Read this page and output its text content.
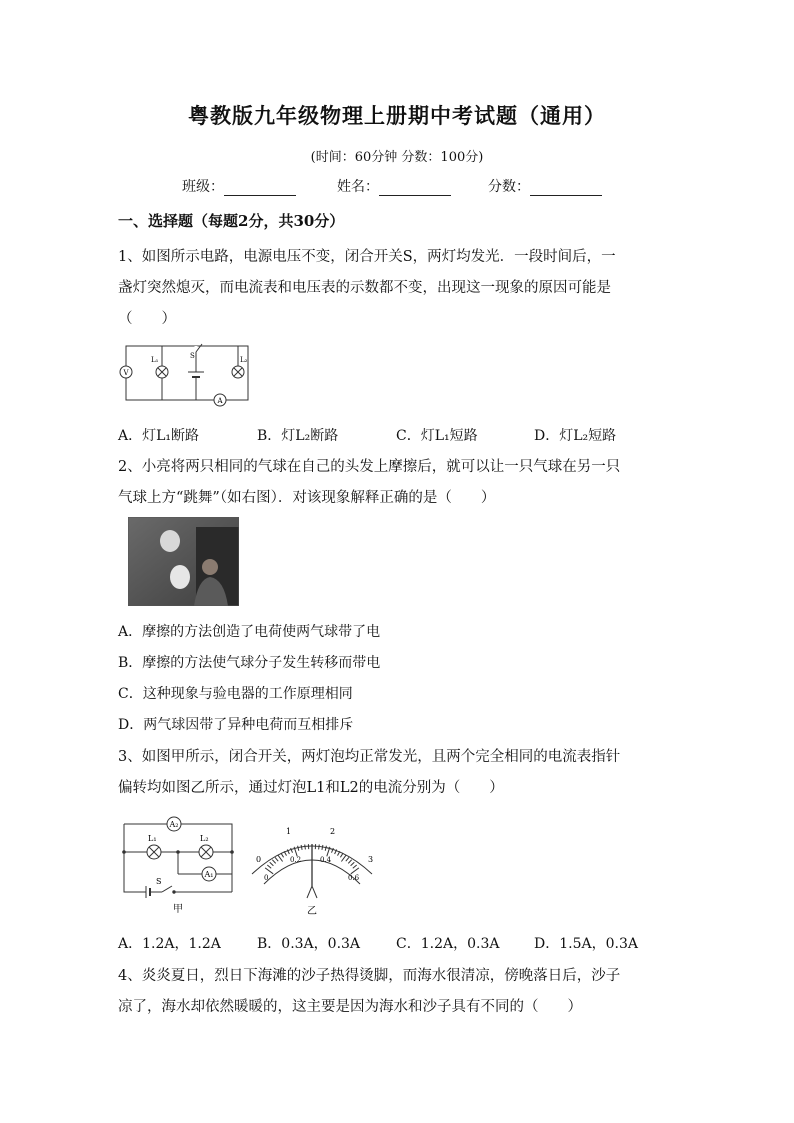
粤教版九年级物理上册期中考试题（通用）
(时间：60分钟 分数：100分)
班级：	姓名：	分数：
一、选择题（每题2分，共30分）
1、如图所示电路，电源电压不变，闭合开关S，两灯均发光．一段时间后，一
盏灯突然熄灭，而电流表和电压表的示数都不变，出现这一现象的原因可能是
（　　）
V
L₁	S	L₂
A
A．灯L₁断路	B．灯L₂断路	C．灯L₁短路	D．灯L₂短路
2、小亮将两只相同的气球在自己的头发上摩擦后，就可以让一只气球在另一只
气球上方“跳舞”（如右图）．对该现象解释正确的是（　　）
A．摩擦的方法创造了电荷使两气球带了电
B．摩擦的方法使气球分子发生转移而带电
C．这种现象与验电器的工作原理相同
D．两气球因带了异种电荷而互相排斥
3、如图甲所示，闭合开关，两灯泡均正常发光，且两个完全相同的电流表指针
偏转均如图乙所示，通过灯泡L1和L2的电流分别为（　　）
A₂
L₁	L₂
A₁
S
甲
0
1	2
3
0
0.2	0.4
0.6
乙
A．1.2A，1.2A	B．0.3A，0.3A	C．1.2A，0.3A D．1.5A，0.3A
4、炎炎夏日，烈日下海滩的沙子热得烫脚，而海水很清凉，傍晚落日后，沙子
凉了，海水却依然暖暖的，这主要是因为海水和沙子具有不同的（　　）
